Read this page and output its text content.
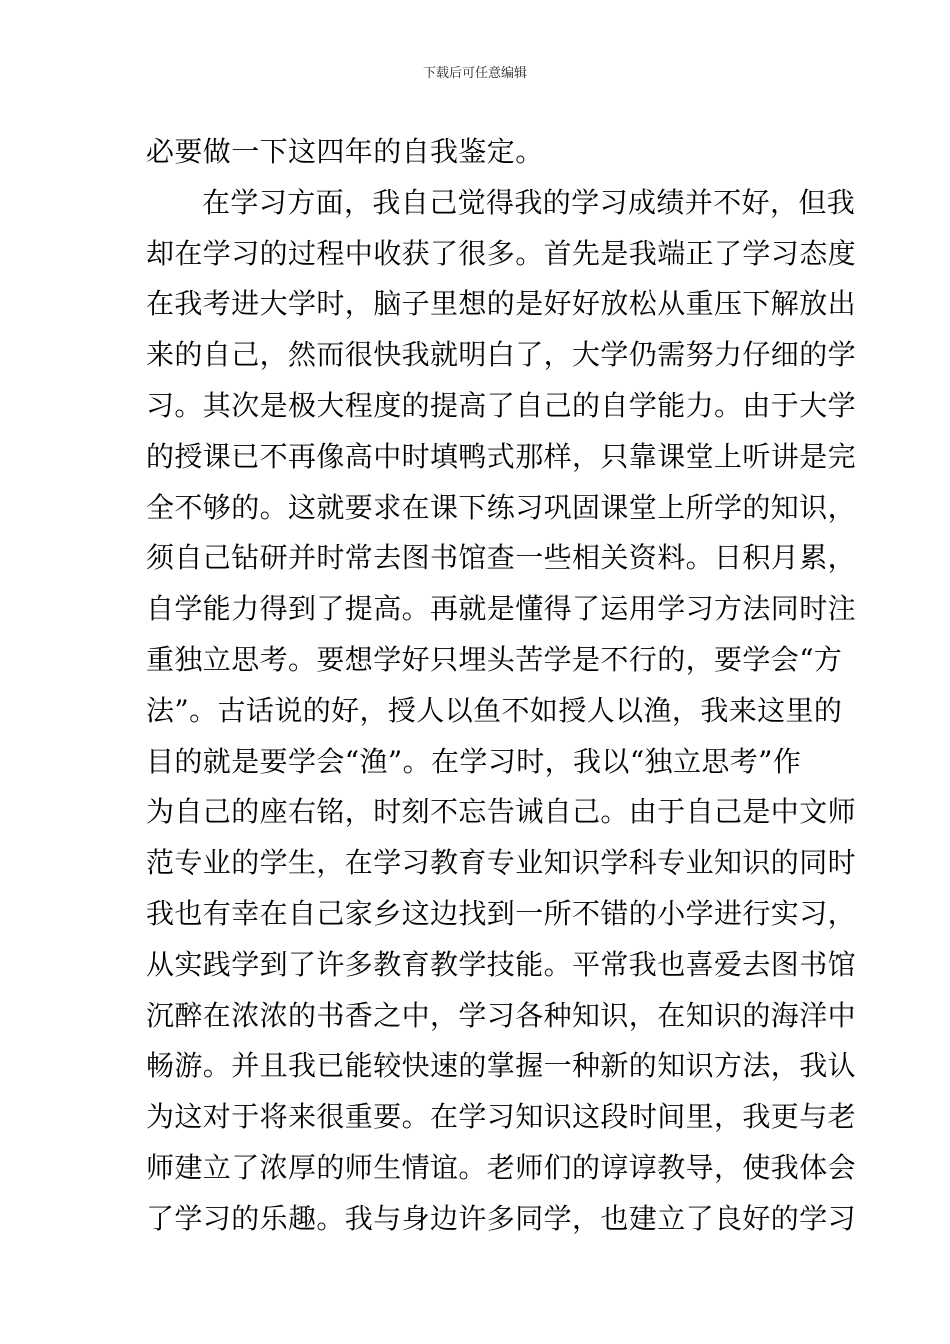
下载后可任意编辑
必要做一下这四年的自我鉴定。
在学习方面，我自己觉得我的学习成绩并不好，但我
却在学习的过程中收获了很多。首先是我端正了学习态度
在我考进大学时，脑子里想的是好好放松从重压下解放出
来的自己，然而很快我就明白了，大学仍需努力仔细的学
习。其次是极大程度的提高了自己的自学能力。由于大学
的授课已不再像高中时填鸭式那样，只靠课堂上听讲是完
全不够的。这就要求在课下练习巩固课堂上所学的知识，
须自己钻研并时常去图书馆查一些相关资料。日积月累，
自学能力得到了提高。再就是懂得了运用学习方法同时注
重独立思考。要想学好只埋头苦学是不行的，要学会“方
法”。古话说的好，授人以鱼不如授人以渔，我来这里的
目的就是要学会“渔”。在学习时，我以“独立思考”作
为自己的座右铭，时刻不忘告诫自己。由于自己是中文师
范专业的学生，在学习教育专业知识学科专业知识的同时
我也有幸在自己家乡这边找到一所不错的小学进行实习，
从实践学到了许多教育教学技能。平常我也喜爱去图书馆
沉醉在浓浓的书香之中，学习各种知识，在知识的海洋中
畅游。并且我已能较快速的掌握一种新的知识方法，我认
为这对于将来很重要。在学习知识这段时间里，我更与老
师建立了浓厚的师生情谊。老师们的谆谆教导，使我体会
了学习的乐趣。我与身边许多同学，也建立了良好的学习
